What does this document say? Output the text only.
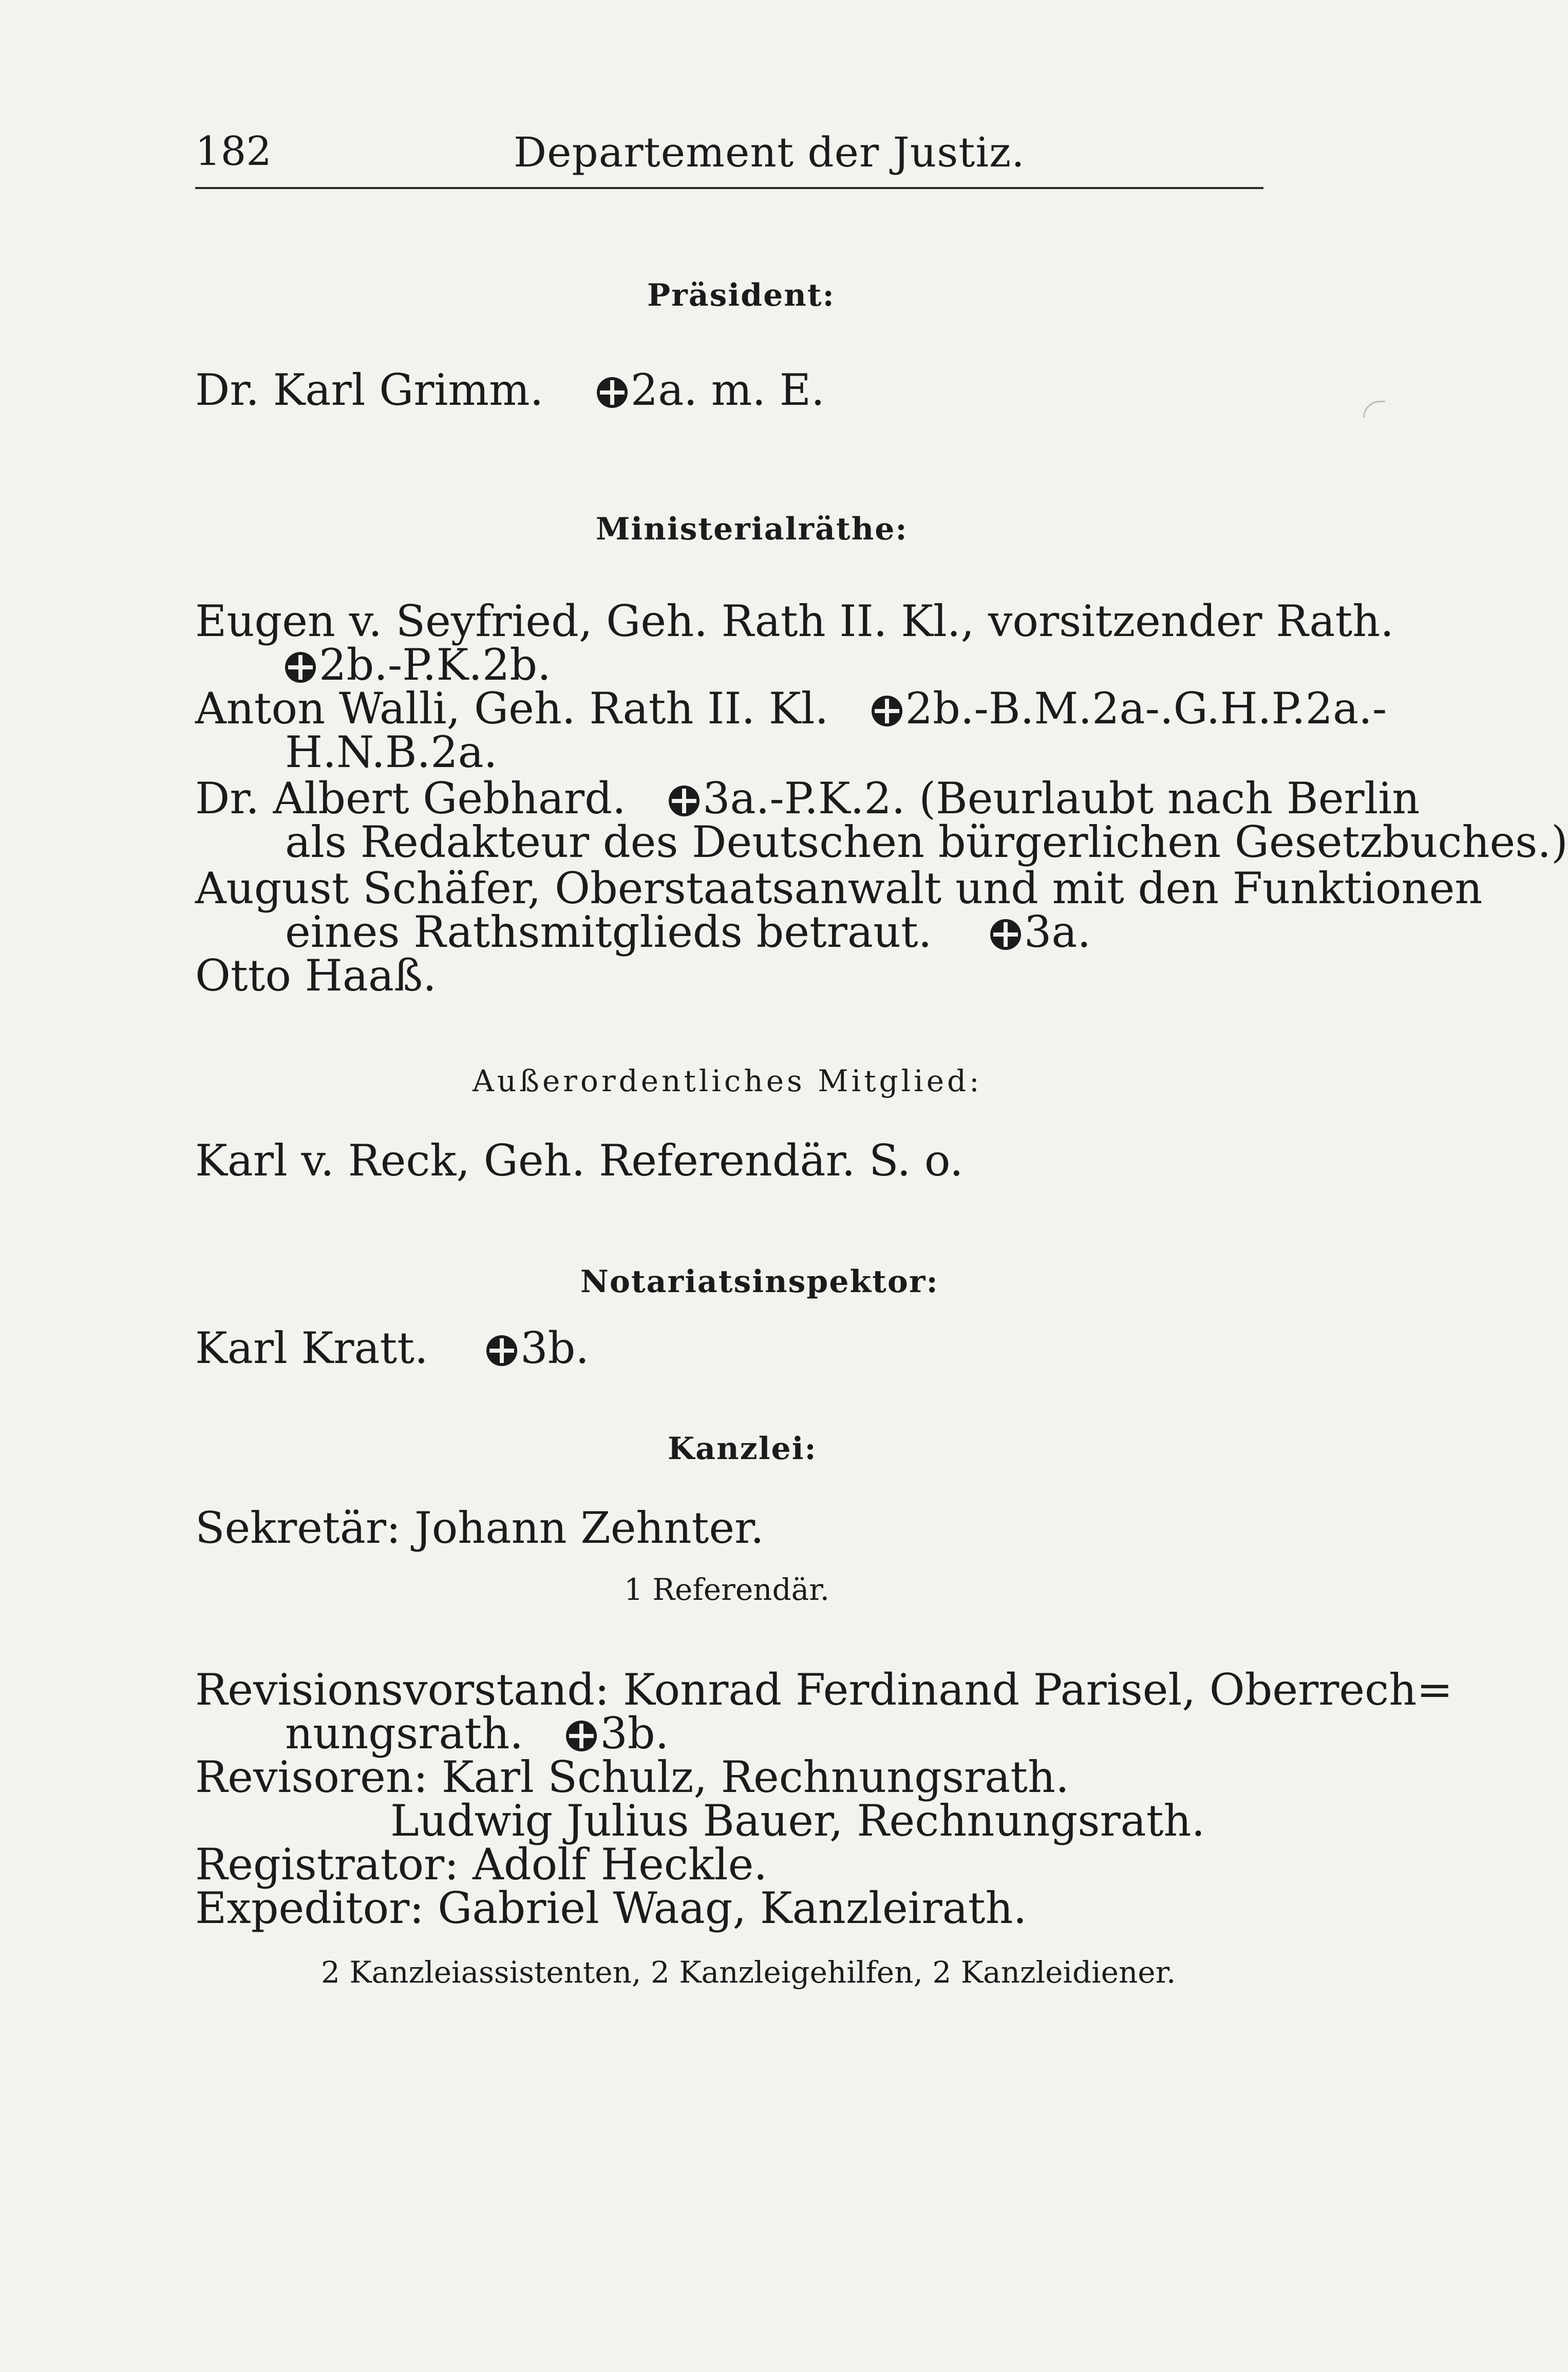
182	Departement der Justiz.
Präsident:
Dr. Karl Grimm. 2a. m. E.
Ministerialräthe:
Eugen v. Seyfried, Geh. Rath II. Kl., vorsitzender Rath.
2b.-P.K.2b.
Anton Walli, Geh. Rath II. Kl. 2b.-B.M.2a-.G.H.P.2a.-
H.N.B.2a.
Dr. Albert Gebhard. 3a.-P.K.2. (Beurlaubt nach Berlin
als Redakteur des Deutschen bürgerlichen Gesetzbuches.)
August Schäfer, Oberstaatsanwalt und mit den Funktionen
eines Rathsmitglieds betraut. 3a.
Otto Haaß.
Außerordentliches Mitglied:
Karl v. Reck, Geh. Referendär. S. o.
Notariatsinspektor:
Karl Kratt. 3b.
Kanzlei:
Sekretär: Johann Zehnter.
1 Referendär.
Revisionsvorstand: Konrad Ferdinand Parisel, Oberrech=
nungsrath. 3b.
Revisoren: Karl Schulz, Rechnungsrath.
Ludwig Julius Bauer, Rechnungsrath.
Registrator: Adolf Heckle.
Expeditor: Gabriel Waag, Kanzleirath.
2 Kanzleiassistenten, 2 Kanzleigehilfen, 2 Kanzleidiener.
